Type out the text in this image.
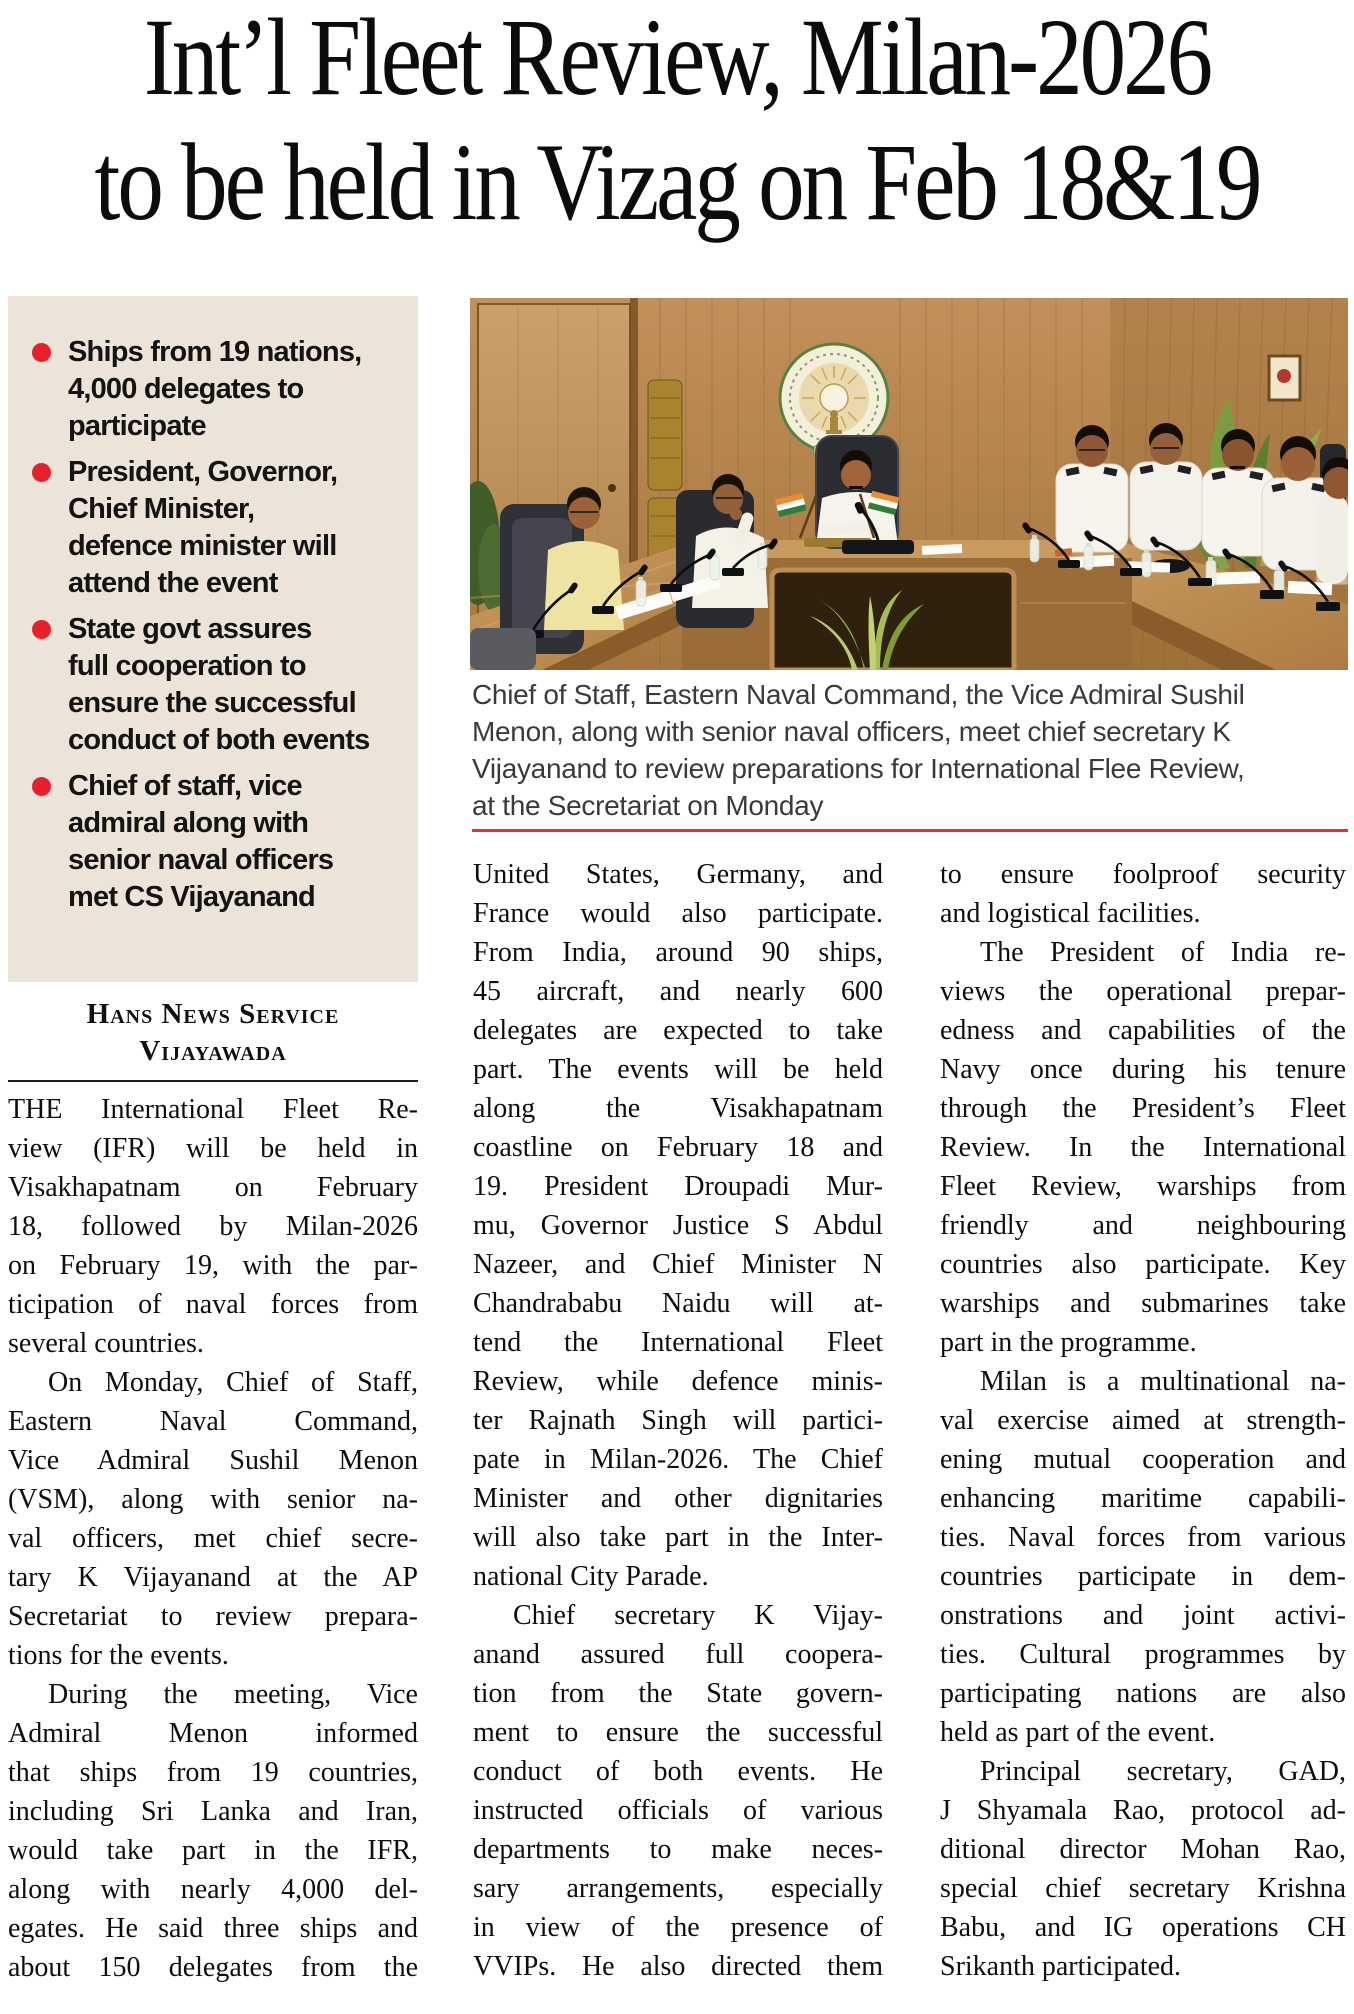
Int’l Fleet Review, Milan-2026
to be held in Vizag on Feb 18&19
Ships from 19 nations,
4,000 delegates to
participate
President, Governor,
Chief Minister,
defence minister will
attend the event
State govt assures
full cooperation to
ensure the successful
conduct of both events
Chief of staff, vice
admiral along with
senior naval officers
met CS Vijayanand
Hans News Service
Vijayawada
Chief of Staff, Eastern Naval Command, the Vice Admiral Sushil
Menon, along with senior naval officers, meet chief secretary K
Vijayanand to review preparations for International Flee Review,
at the Secretariat on Monday
THE International Fleet Re-
view (IFR) will be held in
Visakhapatnam on February
18, followed by Milan-2026
on February 19, with the par-
ticipation of naval forces from
several countries.
On Monday, Chief of Staff,
Eastern Naval Command,
Vice Admiral Sushil Menon
(VSM), along with senior na-
val officers, met chief secre-
tary K Vijayanand at the AP
Secretariat to review prepara-
tions for the events.
During the meeting, Vice
Admiral Menon informed
that ships from 19 countries,
including Sri Lanka and Iran,
would take part in the IFR,
along with nearly 4,000 del-
egates. He said three ships and
about 150 delegates from the
United States, Germany, and
France would also participate.
From India, around 90 ships,
45 aircraft, and nearly 600
delegates are expected to take
part. The events will be held
along the Visakhapatnam
coastline on February 18 and
19. President Droupadi Mur-
mu, Governor Justice S Abdul
Nazeer, and Chief Minister N
Chandrababu Naidu will at-
tend the International Fleet
Review, while defence minis-
ter Rajnath Singh will partici-
pate in Milan-2026. The Chief
Minister and other dignitaries
will also take part in the Inter-
national City Parade.
Chief secretary K Vijay-
anand assured full coopera-
tion from the State govern-
ment to ensure the successful
conduct of both events. He
instructed officials of various
departments to make neces-
sary arrangements, especially
in view of the presence of
VVIPs. He also directed them
to ensure foolproof security
and logistical facilities.
The President of India re-
views the operational prepar-
edness and capabilities of the
Navy once during his tenure
through the President’s Fleet
Review. In the International
Fleet Review, warships from
friendly and neighbouring
countries also participate. Key
warships and submarines take
part in the programme.
Milan is a multinational na-
val exercise aimed at strength-
ening mutual cooperation and
enhancing maritime capabili-
ties. Naval forces from various
countries participate in dem-
onstrations and joint activi-
ties. Cultural programmes by
participating nations are also
held as part of the event.
Principal secretary, GAD,
J Shyamala Rao, protocol ad-
ditional director Mohan Rao,
special chief secretary Krishna
Babu, and IG operations CH
Srikanth participated.
